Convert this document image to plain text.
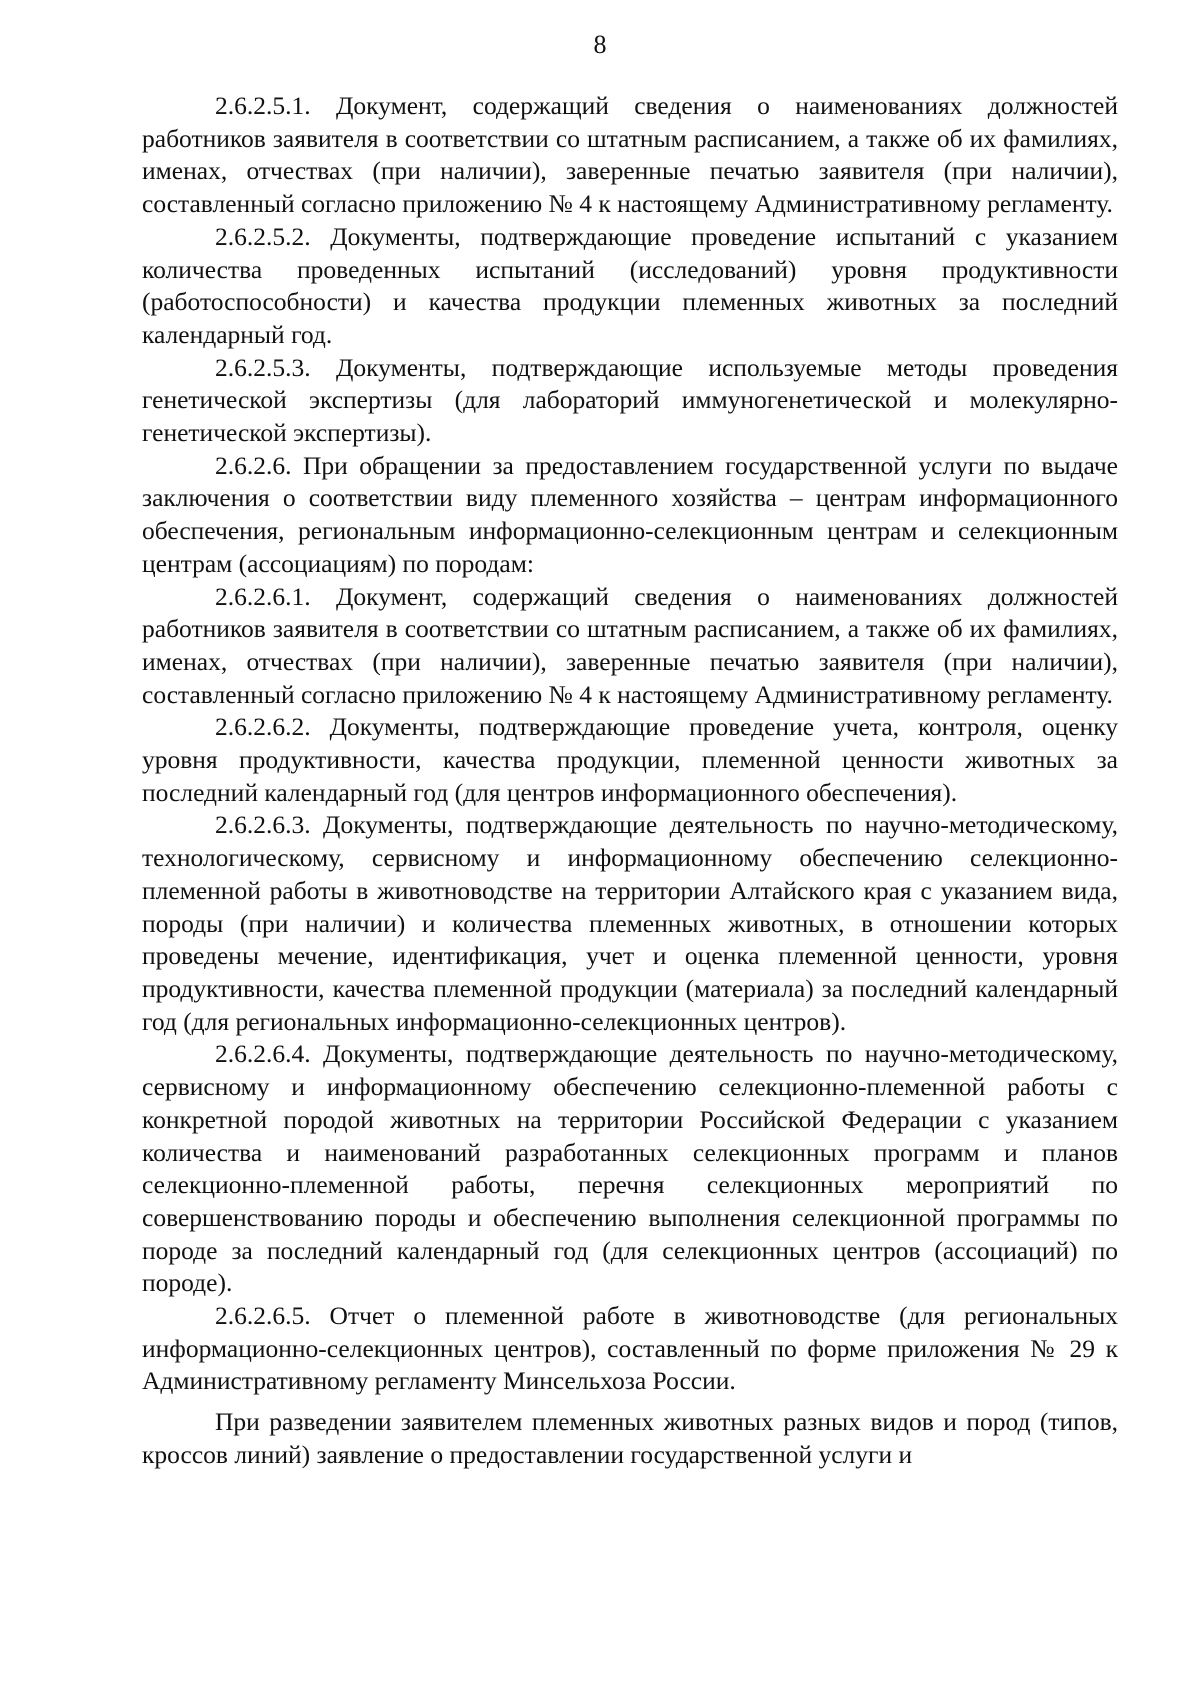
8

2.6.2.5.1. Документ, содержащий сведения о наименованиях должностей работников заявителя в соответствии со штатным расписанием, а также об их фамилиях, именах, отчествах (при наличии), заверенные печатью заявителя (при наличии), составленный согласно приложению № 4 к настоящему Административному регламенту.

2.6.2.5.2. Документы, подтверждающие проведение испытаний с указанием количества проведенных испытаний (исследований) уровня продуктивности (работоспособности) и качества продукции племенных животных за последний календарный год.

2.6.2.5.3. Документы, подтверждающие используемые методы проведения генетической экспертизы (для лабораторий иммуногенетической и молекулярно-генетической экспертизы).

2.6.2.6. При обращении за предоставлением государственной услуги по выдаче заключения о соответствии виду племенного хозяйства – центрам информационного обеспечения, региональным информационно-селекционным центрам и селекционным центрам (ассоциациям) по породам:

2.6.2.6.1. Документ, содержащий сведения о наименованиях должностей работников заявителя в соответствии со штатным расписанием, а также об их фамилиях, именах, отчествах (при наличии), заверенные печатью заявителя (при наличии), составленный согласно приложению № 4 к настоящему Административному регламенту.

2.6.2.6.2. Документы, подтверждающие проведение учета, контроля, оценку уровня продуктивности, качества продукции, племенной ценности животных за последний календарный год (для центров информационного обеспечения).

2.6.2.6.3. Документы, подтверждающие деятельность по научно-методическому, технологическому, сервисному и информационному обеспечению селекционно-племенной работы в животноводстве на территории Алтайского края с указанием вида, породы (при наличии) и количества племенных животных, в отношении которых проведены мечение, идентификация, учет и оценка племенной ценности, уровня продуктивности, качества племенной продукции (материала) за последний календарный год (для региональных информационно-селекционных центров).

2.6.2.6.4. Документы, подтверждающие деятельность по научно-методическому, сервисному и информационному обеспечению селекционно-племенной работы с конкретной породой животных на территории Российской Федерации с указанием количества и наименований разработанных селекционных программ и планов селекционно-племенной работы, перечня селекционных мероприятий по совершенствованию породы и обеспечению выполнения селекционной программы по породе за последний календарный год (для селекционных центров (ассоциаций) по породе).

2.6.2.6.5. Отчет о племенной работе в животноводстве (для региональных информационно-селекционных центров), составленный по форме приложения № 29 к Административному регламенту Минсельхоза России.

При разведении заявителем племенных животных разных видов и пород (типов, кроссов линий) заявление о предоставлении государственной услуги и
